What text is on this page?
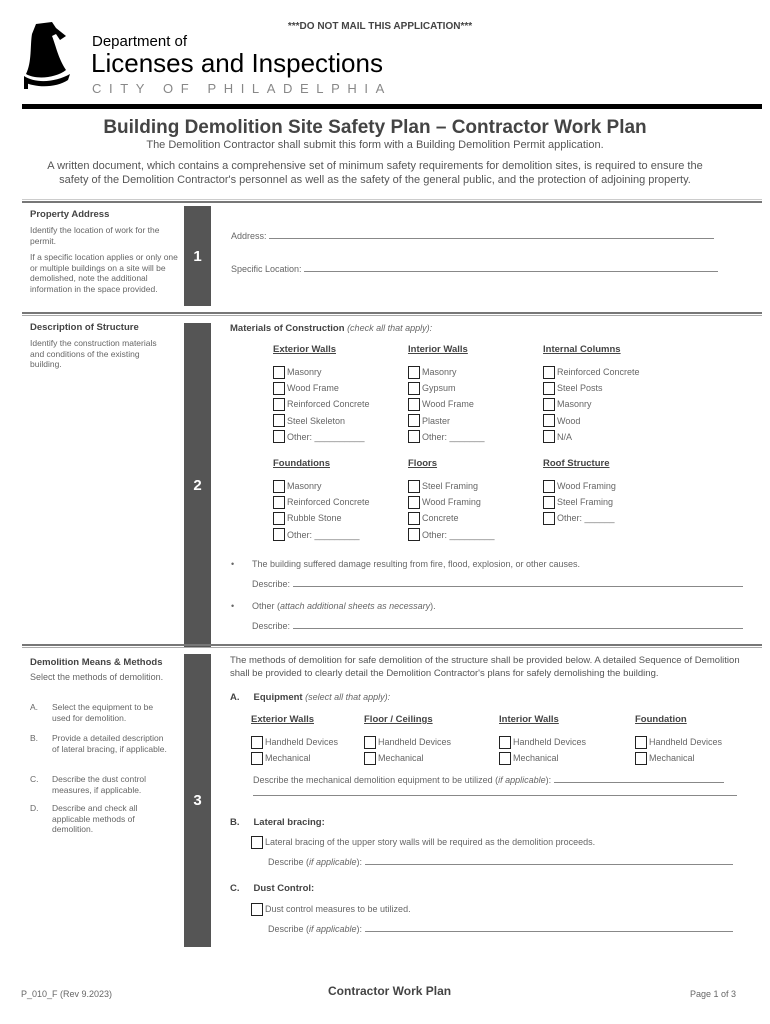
***DO NOT MAIL THIS APPLICATION***
Department of
Licenses and Inspections
CITY OF PHILADELPHIA
Building Demolition Site Safety Plan – Contractor Work Plan
The Demolition Contractor shall submit this form with a Building Demolition Permit application.
A written document, which contains a comprehensive set of minimum safety requirements for demolition sites, is required to ensure the safety of the Demolition Contractor's personnel as well as the safety of the general public, and the protection of adjoining property.
Property Address
Identify the location of work for the permit.
If a specific location applies or only one or multiple buildings on a site will be demolished, note the additional information in the space provided.
1
Address:
Specific Location:
Description of Structure
Identify the construction materials and conditions of the existing building.
2
Materials of Construction (check all that apply):
Exterior Walls
Masonry
Wood Frame
Reinforced Concrete
Steel Skeleton
Other: __________
Interior Walls
Masonry
Gypsum
Wood Frame
Plaster
Other: _______
Internal Columns
Reinforced Concrete
Steel Posts
Masonry
Wood
N/A
Foundations
Masonry
Reinforced Concrete
Rubble Stone
Other: _________
Floors
Steel Framing
Wood Framing
Concrete
Other: _________
Roof Structure
Wood Framing
Steel Framing
Other: ______
• The building suffered damage resulting from fire, flood, explosion, or other causes.
Describe:
• Other (attach additional sheets as necessary).
Describe:
Demolition Means & Methods
Select the methods of demolition.
A. Select the equipment to be used for demolition.
B. Provide a detailed description of lateral bracing, if applicable.
C. Describe the dust control measures, if applicable.
D. Describe and check all applicable methods of demolition.
3
The methods of demolition for safe demolition of the structure shall be provided below. A detailed Sequence of Demolition shall be provided to clearly detail the Demolition Contractor's plans for safely demolishing the building.
A. Equipment (select all that apply):
Exterior Walls
Handheld Devices
Mechanical
Floor / Ceilings
Handheld Devices
Mechanical
Interior Walls
Handheld Devices
Mechanical
Foundation
Handheld Devices
Mechanical
Describe the mechanical demolition equipment to be utilized (if applicable):
B. Lateral bracing:
Lateral bracing of the upper story walls will be required as the demolition proceeds.
Describe (if applicable):
C. Dust Control:
Dust control measures to be utilized.
Describe (if applicable):
P_010_F (Rev 9.2023)	Contractor Work Plan	Page 1 of 3
